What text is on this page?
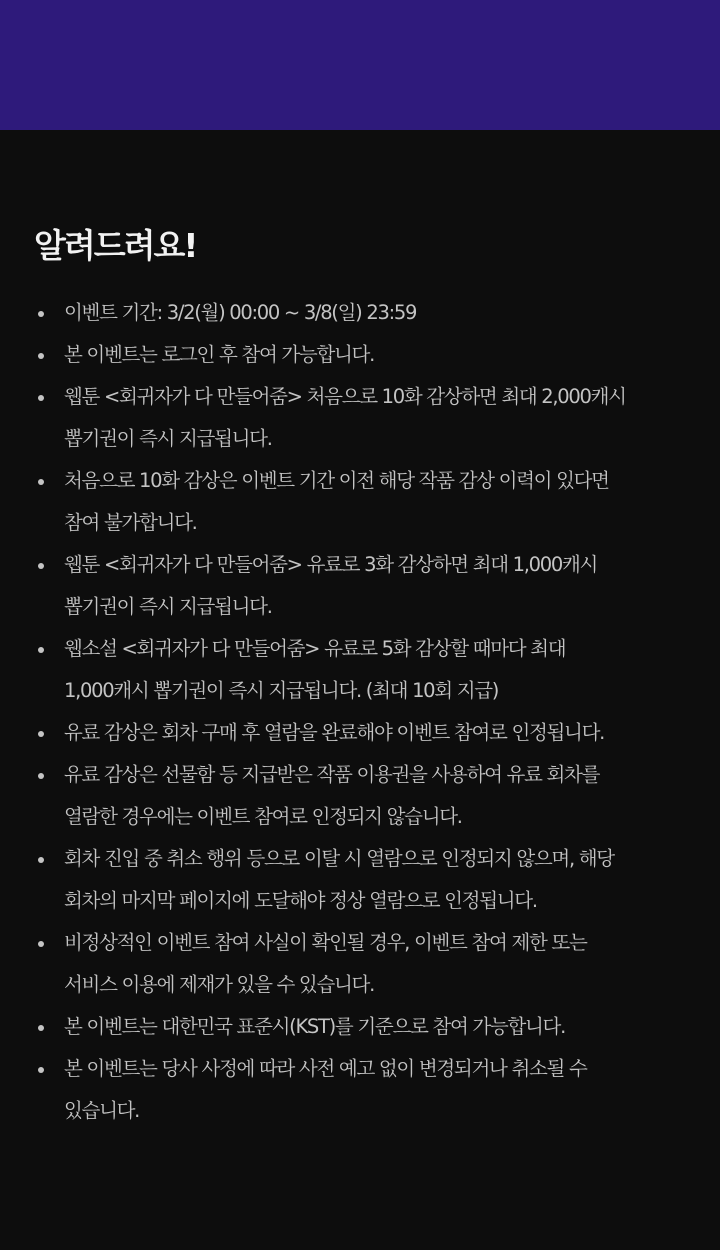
알려드려요!
이벤트 기간: 3/2(월) 00:00 ~ 3/8(일) 23:59
본 이벤트는 로그인 후 참여 가능합니다.
웹툰 <회귀자가 다 만들어줌> 처음으로 10화 감상하면 최대 2,000캐시
뽑기권이 즉시 지급됩니다.
처음으로 10화 감상은 이벤트 기간 이전 해당 작품 감상 이력이 있다면
참여 불가합니다.
웹툰 <회귀자가 다 만들어줌> 유료로 3화 감상하면 최대 1,000캐시
뽑기권이 즉시 지급됩니다.
웹소설 <회귀자가 다 만들어줌> 유료로 5화 감상할 때마다 최대
1,000캐시 뽑기권이 즉시 지급됩니다. (최대 10회 지급)
유료 감상은 회차 구매 후 열람을 완료해야 이벤트 참여로 인정됩니다.
유료 감상은 선물함 등 지급받은 작품 이용권을 사용하여 유료 회차를
열람한 경우에는 이벤트 참여로 인정되지 않습니다.
회차 진입 중 취소 행위 등으로 이탈 시 열람으로 인정되지 않으며, 해당
회차의 마지막 페이지에 도달해야 정상 열람으로 인정됩니다.
비정상적인 이벤트 참여 사실이 확인될 경우, 이벤트 참여 제한 또는
서비스 이용에 제재가 있을 수 있습니다.
본 이벤트는 대한민국 표준시(KST)를 기준으로 참여 가능합니다.
본 이벤트는 당사 사정에 따라 사전 예고 없이 변경되거나 취소될 수
있습니다.
